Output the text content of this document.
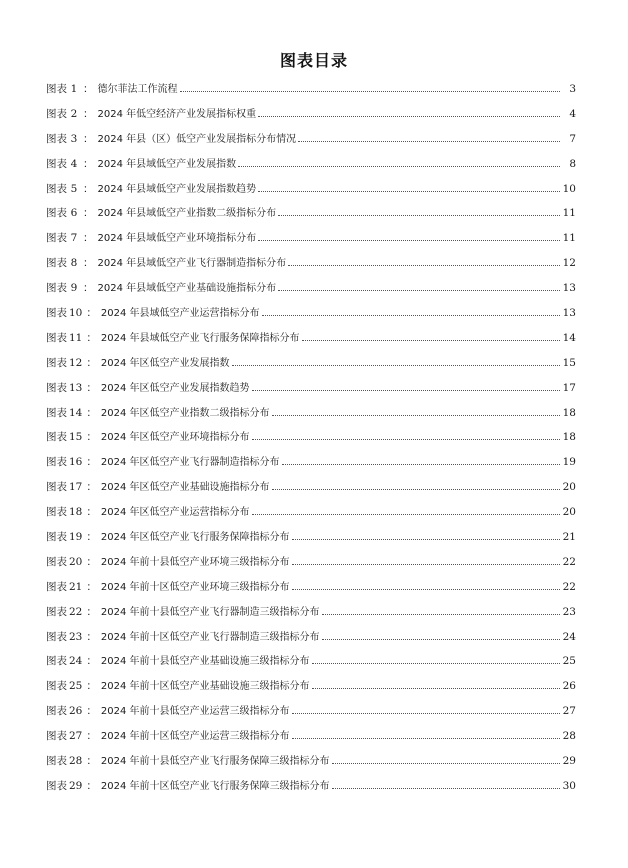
图表目录
图表 1 ： 德尔菲法工作流程	3
图表 2 ： 2024 年低空经济产业发展指标权重	4
图表 3 ： 2024 年县（区）低空产业发展指标分布情况	7
图表 4 ： 2024 年县域低空产业发展指数	8
图表 5 ： 2024 年县域低空产业发展指数趋势	10
图表 6 ： 2024 年县域低空产业指数二级指标分布	11
图表 7 ： 2024 年县域低空产业环境指标分布	11
图表 8 ： 2024 年县域低空产业飞行器制造指标分布	12
图表 9 ： 2024 年县域低空产业基础设施指标分布	13
图表 10 ： 2024 年县域低空产业运营指标分布	13
图表 11 ： 2024 年县域低空产业飞行服务保障指标分布	14
图表 12 ： 2024 年区低空产业发展指数	15
图表 13 ： 2024 年区低空产业发展指数趋势	17
图表 14 ： 2024 年区低空产业指数二级指标分布	18
图表 15 ： 2024 年区低空产业环境指标分布	18
图表 16 ： 2024 年区低空产业飞行器制造指标分布	19
图表 17 ： 2024 年区低空产业基础设施指标分布	20
图表 18 ： 2024 年区低空产业运营指标分布	20
图表 19 ： 2024 年区低空产业飞行服务保障指标分布	21
图表 20 ： 2024 年前十县低空产业环境三级指标分布	22
图表 21 ： 2024 年前十区低空产业环境三级指标分布	22
图表 22 ： 2024 年前十县低空产业飞行器制造三级指标分布	23
图表 23 ： 2024 年前十区低空产业飞行器制造三级指标分布	24
图表 24 ： 2024 年前十县低空产业基础设施三级指标分布	25
图表 25 ： 2024 年前十区低空产业基础设施三级指标分布	26
图表 26 ： 2024 年前十县低空产业运营三级指标分布	27
图表 27 ： 2024 年前十区低空产业运营三级指标分布	28
图表 28 ： 2024 年前十县低空产业飞行服务保障三级指标分布	29
图表 29 ： 2024 年前十区低空产业飞行服务保障三级指标分布	30
